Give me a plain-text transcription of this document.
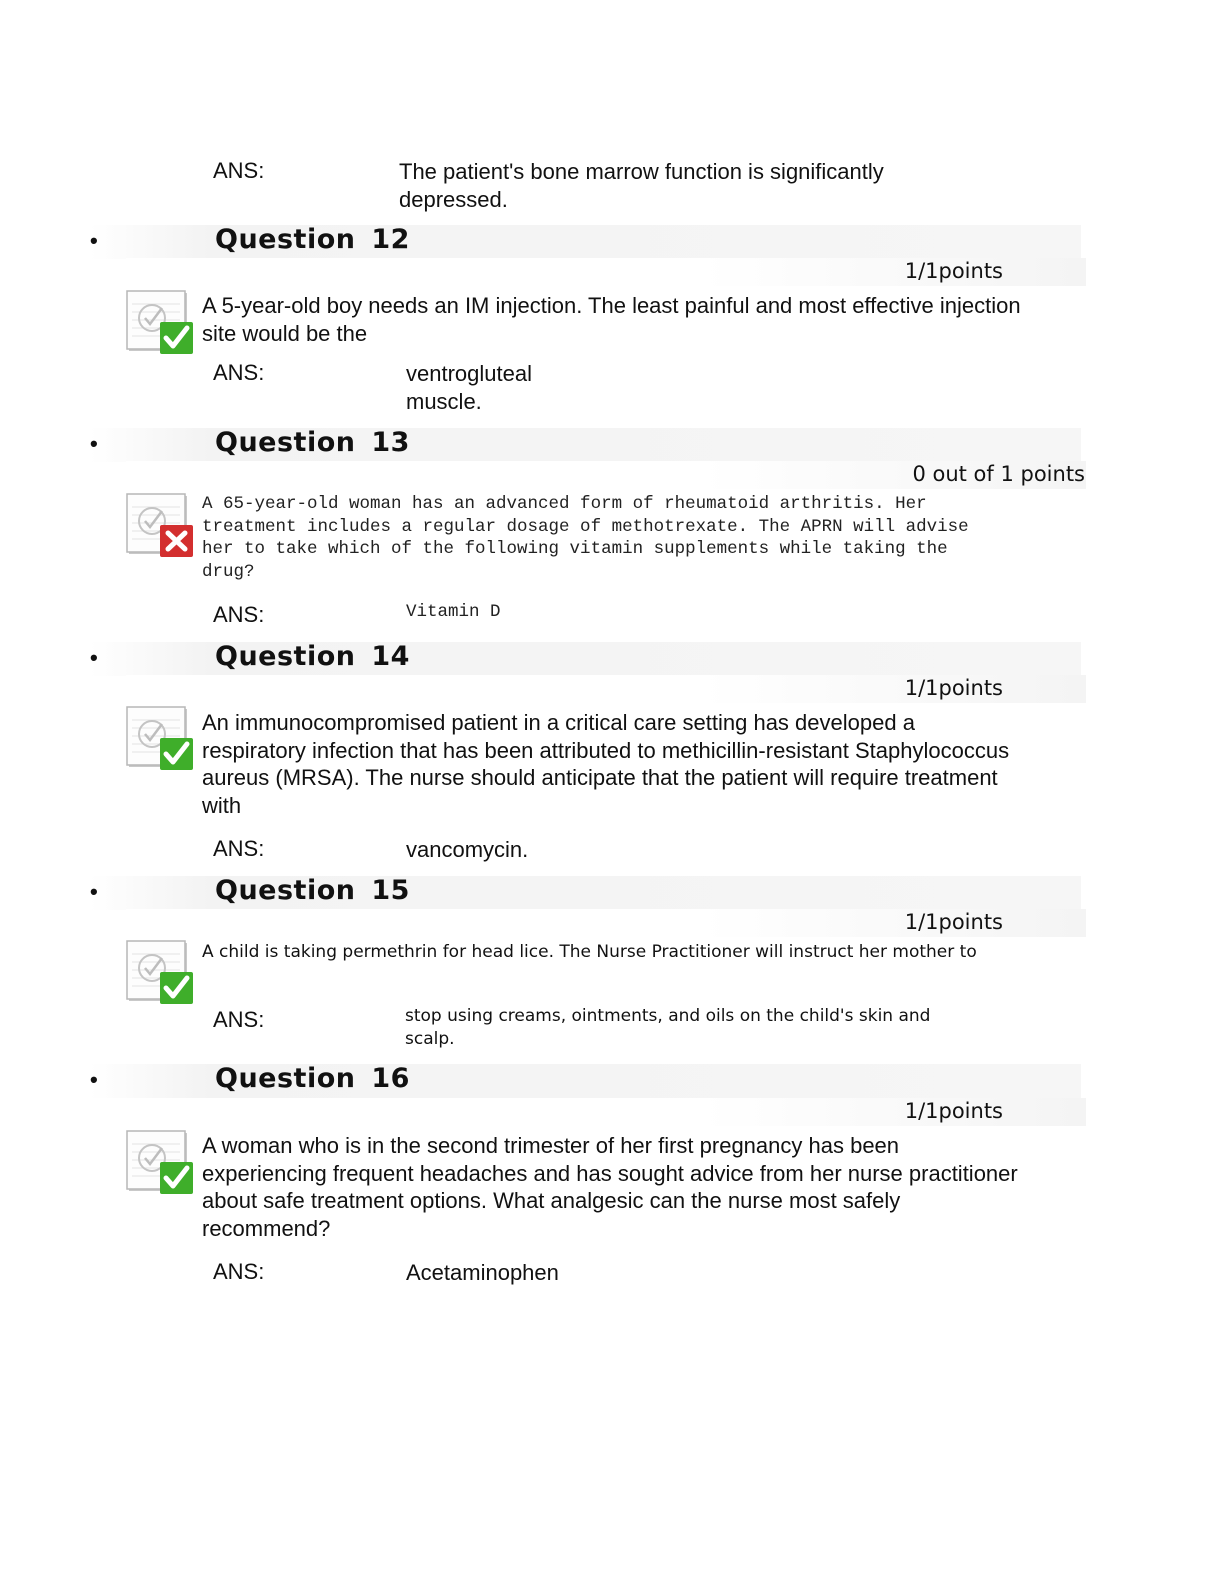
ANS:	The patient's bone marrow function is significantly depressed.
•	Question 12
1/1points
A 5-year-old boy needs an IM injection. The least painful and most effective injection site would be the
ANS:	ventrogluteal muscle.
•	Question 13
0 out of 1 points
A 65-year-old woman has an advanced form of rheumatoid arthritis. Her treatment includes a regular dosage of methotrexate. The APRN will advise her to take which of the following vitamin supplements while taking the drug?
ANS:	Vitamin D
•	Question 14
1/1points
An immunocompromised patient in a critical care setting has developed a respiratory infection that has been attributed to methicillin-resistant Staphylococcus aureus (MRSA). The nurse should anticipate that the patient will require treatment with
ANS:	vancomycin.
•	Question 15
1/1points
A child is taking permethrin for head lice. The Nurse Practitioner will instruct her mother to
ANS:	stop using creams, ointments, and oils on the child's skin and scalp.
•	Question 16
1/1points
A woman who is in the second trimester of her first pregnancy has been experiencing frequent headaches and has sought advice from her nurse practitioner about safe treatment options. What analgesic can the nurse most safely recommend?
ANS:	Acetaminophen
